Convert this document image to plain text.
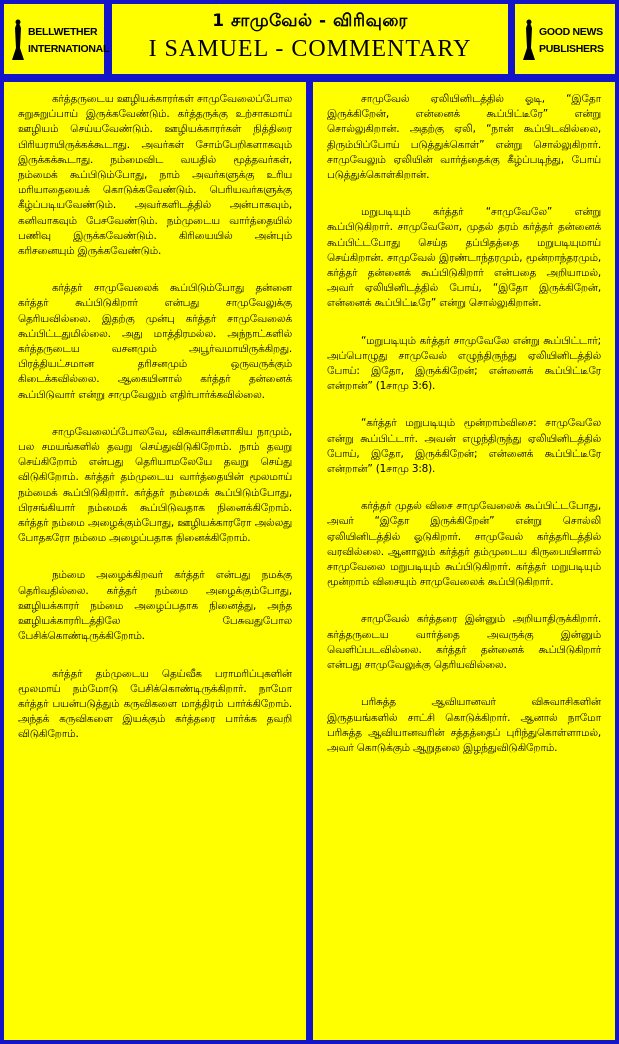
BELLWETHER
INTERNATIONAL
1 சாமுவேல் - விரிவுரை
I SAMUEL - COMMENTARY
GOOD NEWS
PUBLISHERS

கர்த்தருடைய ஊழியக்காரர்கள் சாமுவேலைப்போல சுறுசுறுப்பாய் இருக்கவேண்டும். கர்த்தருக்கு உற்சாகமாய் ஊழியம் செய்யவேண்டும். ஊழியக்காரர்கள் நித்திரை பிரியராயிருக்கக்கூடாது. அவர்கள் சோம்பேறிகளாகவும் இருக்கக்கூடாது. நம்மைவிட வயதில் மூத்தவர்கள், நம்மைக் கூப்பிடும்போது, நாம் அவர்களுக்கு உரிய மரியாதையைக் கொடுக்கவேண்டும். பெரியவர்களுக்கு கீழ்ப்படியவேண்டும். அவர்களிடத்தில் அன்பாகவும், கனிவாகவும் பேசவேண்டும். நம்முடைய வார்த்தையில் பணிவு இருக்கவேண்டும். கிரியையில் அன்பும் கரிசனையும் இருக்கவேண்டும்.

கர்த்தர் சாமுவேலைக் கூப்பிடும்போது தன்னை கர்த்தர் கூப்பிடுகிறார் என்பது சாமுவேலுக்கு தெரியவில்லை. இதற்கு முன்பு கர்த்தர் சாமுவேலைக் கூப்பிட்டதுமில்லை. அது மாத்திரமல்ல. அந்நாட்களில் கர்த்தருடைய வசனமும் அபூர்வமாயிருக்கிறது. பிரத்தியட்சமான தரிசனமும் ஒருவருக்கும் கிடைக்கவில்லை. ஆகையினால் கர்த்தர் தன்னைக் கூப்பிடுவார் என்று சாமுவேலும் எதிர்பார்க்கவில்லை.

சாமுவேலைப்போலவே, விசுவாசிகளாகிய நாமும், பல சமயங்களில் தவறு செய்துவிடுகிறோம். நாம் தவறு செய்கிறோம் என்பது தெரியாமலேயே தவறு செய்து விடுகிறோம். கர்த்தர் தம்முடைய வார்த்தையின் மூலமாய் நம்மைக் கூப்பிடுகிறார். கர்த்தர் நம்மைக் கூப்பிடும்போது, பிரசங்கியார் நம்மைக் கூப்பிடுவதாக நினைக்கிறோம். கர்த்தர் நம்மை அழைக்கும்போது, ஊழியக்காரரோ அல்லது போதகரோ நம்மை அழைப்பதாக நினைக்கிறோம்.

நம்மை அழைக்கிறவர் கர்த்தர் என்பது நமக்கு தெரிவதில்லை. கர்த்தர் நம்மை அழைக்கும்போது, ஊழியக்காரர் நம்மை அழைப்பதாக நினைத்து, அந்த ஊழியக்காரரிடத்திலே பேசுவதுபோல பேசிக்கொண்டிருக்கிறோம்.

கர்த்தர் தம்முடைய தெய்வீக பராமரிப்புகளின் மூலமாய் நம்மோடு பேசிக்கொண்டிருக்கிறார். நாமோ கர்த்தர் பயன்படுத்தும் கருவிகளை மாத்திரம் பார்க்கிறோம். அந்தக் கருவிகளை இயக்கும் கர்த்தரை பார்க்க தவறி விடுகிறோம்.

சாமுவேல் ஏலியினிடத்தில் ஓடி, “இதோ இருக்கிறேன், என்னைக் கூப்பிட்டீரே” என்று சொல்லுகிறான். அதற்கு ஏலி, “நான் கூப்பிடவில்லை, திரும்பிப்போய் படுத்துக்கொள்” என்று சொல்லுகிறார். சாமுவேலும் ஏலியின் வார்த்தைக்கு கீழ்ப்படிந்து, போய் படுத்துக்கொள்கிறான்.

மறுபடியும் கர்த்தர் “சாமுவேலே” என்று கூப்பிடுகிறார். சாமுவேலோ, முதல் தரம் கர்த்தர் தன்னைக் கூப்பிட்டபோது செய்த தப்பிதத்தை மறுபடியுமாய் செய்கிறான். சாமுவேல் இரண்டாந்தரமும், மூன்றாந்தரமும், கர்த்தர் தன்னைக் கூப்பிடுகிறார் என்பதை அறியாமல், அவர் ஏலியினிடத்தில் போய், “இதோ இருக்கிறேன், என்னைக் கூப்பிட்டீரே” என்று சொல்லுகிறான்.

“மறுபடியும் கர்த்தர் சாமுவேலே என்று கூப்பிட்டார்; அப்பொழுது சாமுவேல் எழுந்திருந்து ஏலியினிடத்தில் போய்: இதோ, இருக்கிறேன்; என்னைக் கூப்பிட்டீரே என்றான்” (1சாமு 3:6).

“கர்த்தர் மறுபடியும் மூன்றாம்விசை: சாமுவேலே என்று கூப்பிட்டார். அவன் எழுந்திருந்து ஏலியினிடத்தில் போய், இதோ, இருக்கிறேன்; என்னைக் கூப்பிட்டீரே என்றான்” (1சாமு 3:8).

கர்த்தர் முதல் விசை சாமுவேலைக் கூப்பிட்டபோது, அவர் “இதோ இருக்கிறேன்” என்று சொல்லி ஏலியினிடத்தில் ஓடுகிறார். சாமுவேல் கர்த்தரிடத்தில் வரவில்லை. ஆனாலும் கர்த்தர் தம்முடைய கிருபையினால் சாமுவேலை மறுபடியும் கூப்பிடுகிறார். கர்த்தர் மறுபடியும் மூன்றாம் விசையும் சாமுவேலைக் கூப்பிடுகிறார்.

சாமுவேல் கர்த்தரை இன்னும் அறியாதிருக்கிறார். கர்த்தருடைய வார்த்தை அவருக்கு இன்னும் வெளிப்படவில்லை. கர்த்தர் தன்னைக் கூப்பிடுகிறார் என்பது சாமுவேலுக்கு தெரியவில்லை.

பரிசுத்த ஆவியானவர் விசுவாசிகளின் இருதயங்களில் சாட்சி கொடுக்கிறார். ஆனால் நாமோ பரிசுத்த ஆவியானவரின் சத்தத்தைப் புரிந்துகொள்ளாமல், அவர் கொடுக்கும் ஆறுதலை இழந்துவிடுகிறோம்.
